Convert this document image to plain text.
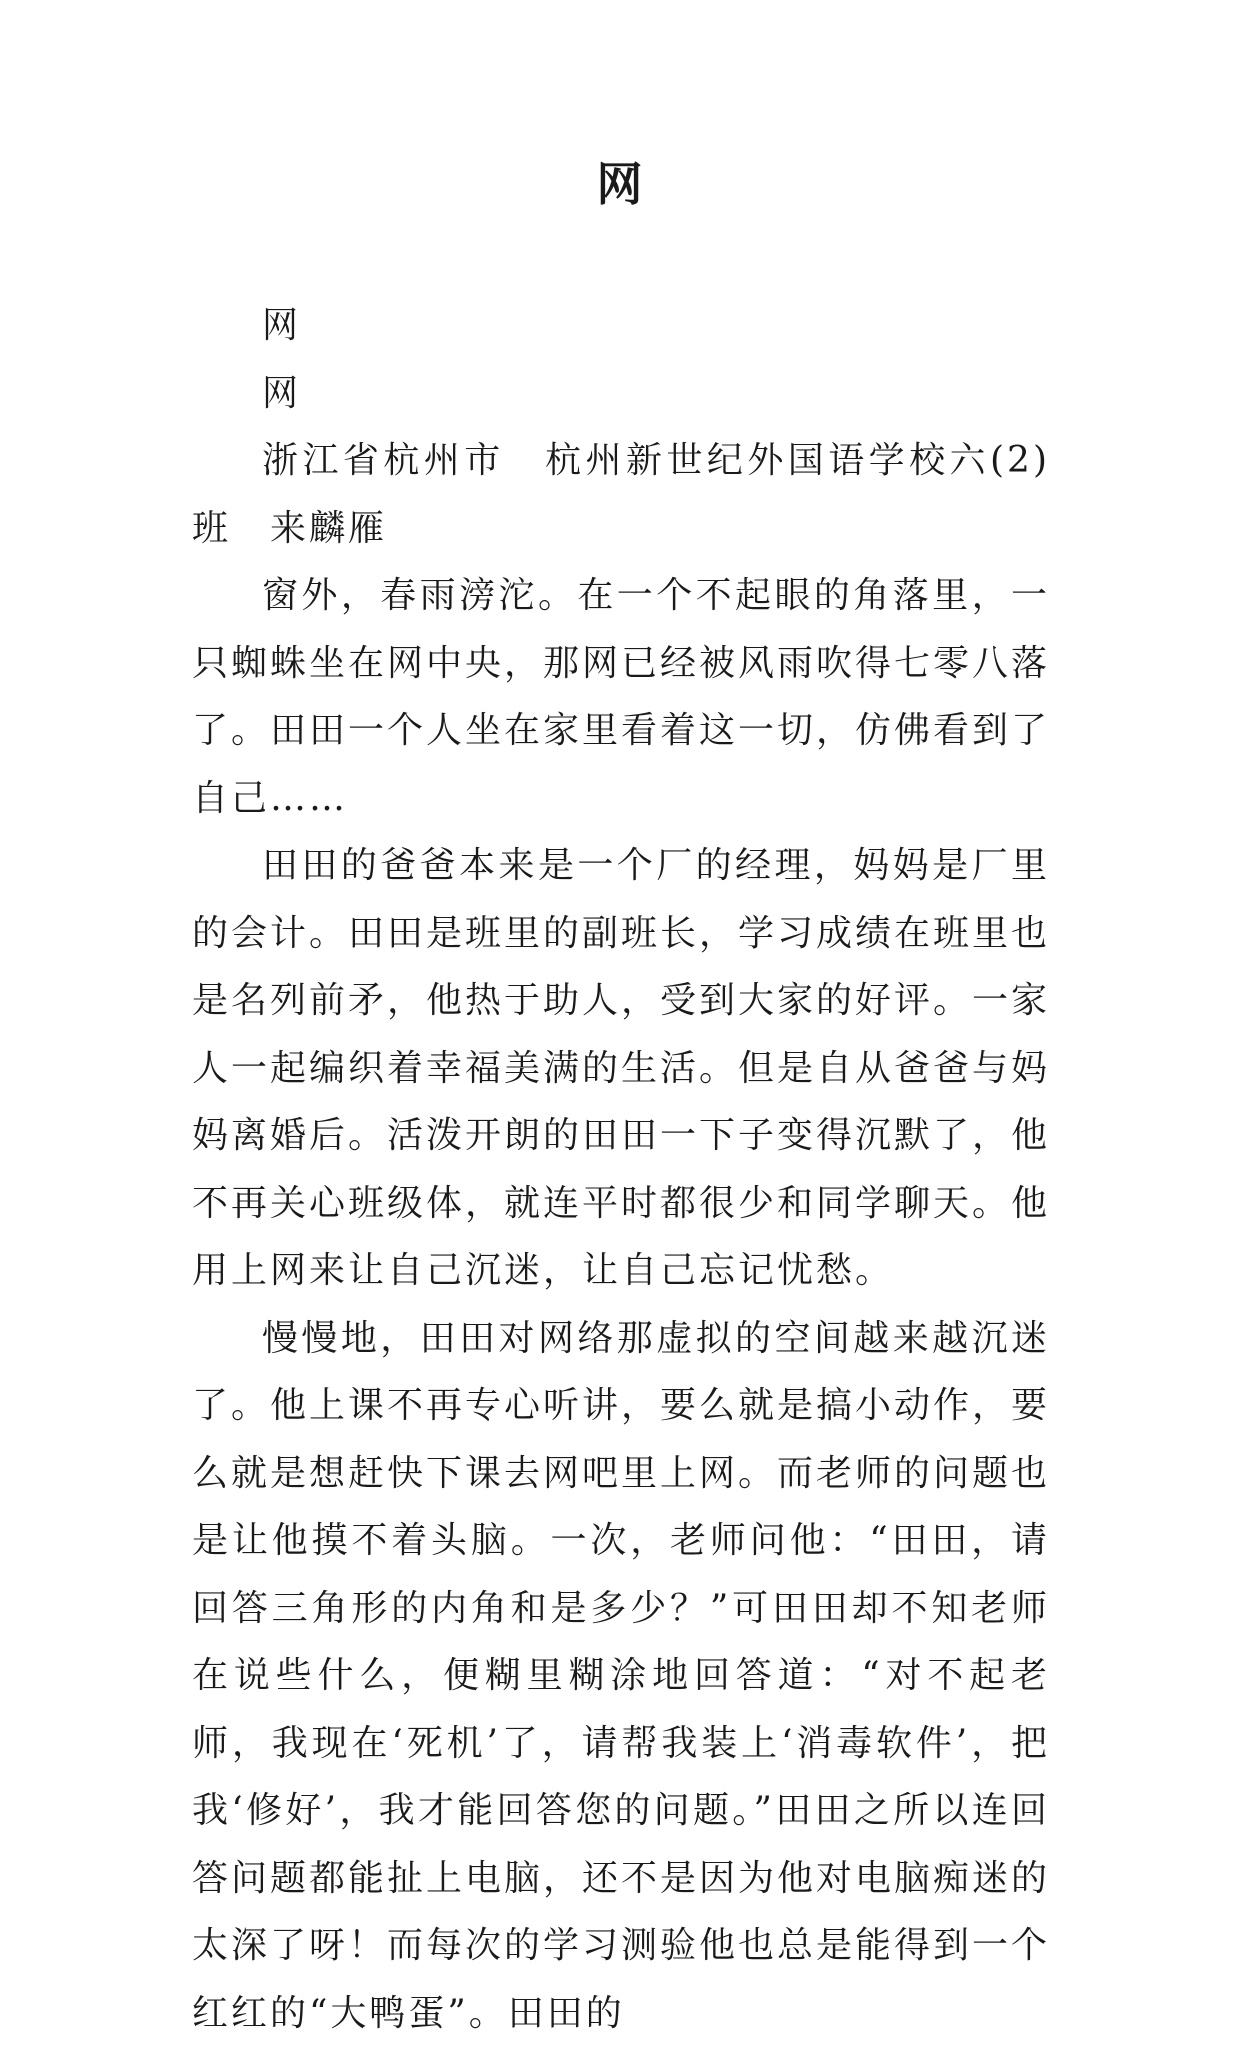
网

网

网

浙江省杭州市　杭州新世纪外国语学校六(2)班　来麟雁

窗外，春雨滂沱。在一个不起眼的角落里，一只蜘蛛坐在网中央，那网已经被风雨吹得七零八落了。田田一个人坐在家里看着这一切，仿佛看到了自己……

田田的爸爸本来是一个厂的经理，妈妈是厂里的会计。田田是班里的副班长，学习成绩在班里也是名列前矛，他热于助人，受到大家的好评。一家人一起编织着幸福美满的生活。但是自从爸爸与妈妈离婚后。活泼开朗的田田一下子变得沉默了，他不再关心班级体，就连平时都很少和同学聊天。他用上网来让自己沉迷，让自己忘记忧愁。

慢慢地，田田对网络那虚拟的空间越来越沉迷了。他上课不再专心听讲，要么就是搞小动作，要么就是想赶快下课去网吧里上网。而老师的问题也是让他摸不着头脑。一次，老师问他：“田田，请回答三角形的内角和是多少？”可田田却不知老师在说些什么，便糊里糊涂地回答道：“对不起老师，我现在‘死机’了，请帮我装上‘消毒软件’，把我‘修好’，我才能回答您的问题。”田田之所以连回答问题都能扯上电脑，还不是因为他对电脑痴迷的太深了呀！而每次的学习测验他也总是能得到一个红红的“大鸭蛋”。田田的
